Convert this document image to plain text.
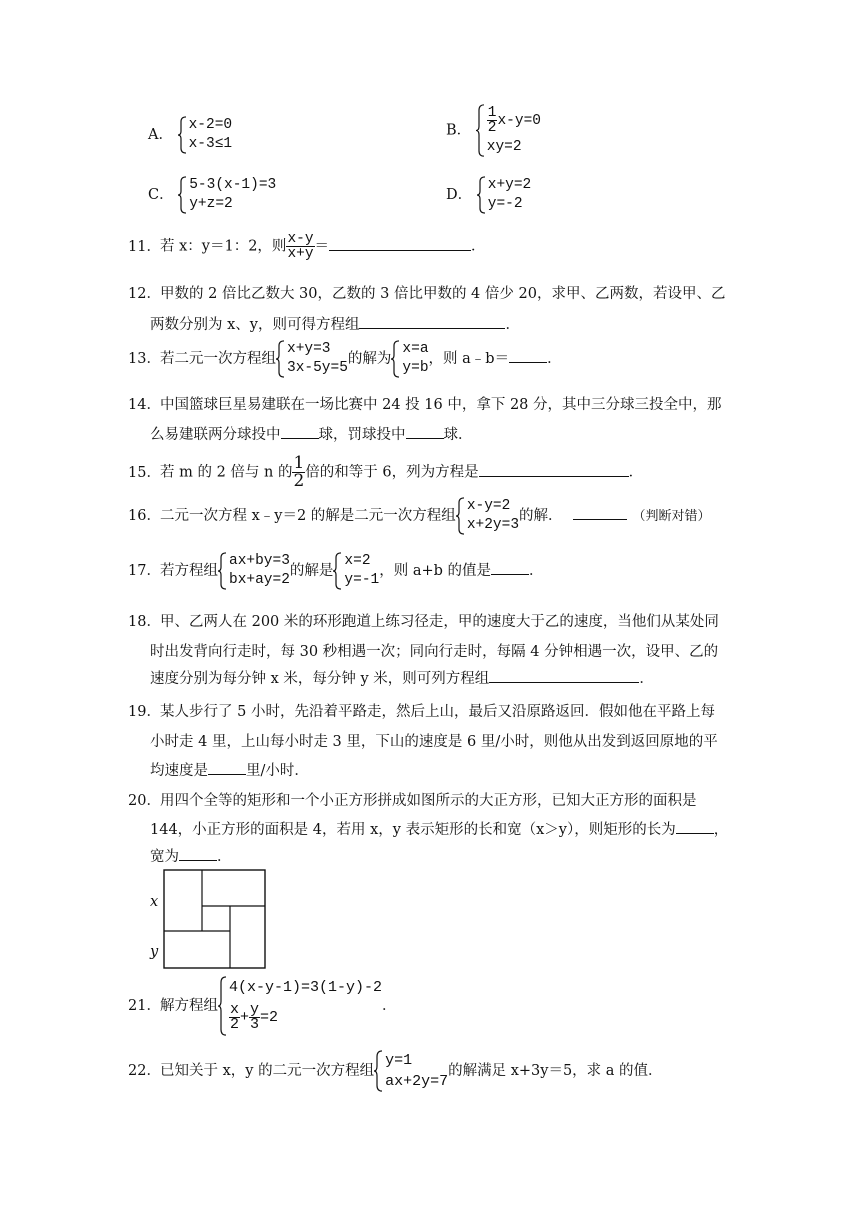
A．
x-2=0
x-3≤1
B． $\frac{1}{2} x-y=0$
xy=2
C．
5-3(x-1)=3
y+z=2
D．
x+y=2
y=-2
11．若 x：y＝1：2，则 $\frac{x-y}{x+y}$ ＝	．
12．甲数的 2 倍比乙数大 30，乙数的 3 倍比甲数的 4 倍少 20，求甲、乙两数，若设甲、乙
两数分别为 x、y，则可得方程组	．
13．若二元一次方程组
x+y=3
3x-5y=5
的解为
x=a
y=b
，则 a﹣b＝	．
14．中国篮球巨星易建联在一场比赛中 24 投 16 中，拿下 28 分，其中三分球三投全中，那
么易建联两分球投中	球，罚球投中	球．
15．若 m 的 2 倍与 n 的 $\frac{1}{2}$ 倍的和等于 6，列为方程是	．
16．二元一次方程 x﹣y＝2 的解是二元一次方程组
x-y=2
x+2y=3
的解．	（判断对错）
17．若方程组
ax+by=3
bx+ay=2
的解是
x=2
y=-1
，则 a+b 的值是	．
18．甲、乙两人在 200 米的环形跑道上练习径走，甲的速度大于乙的速度，当他们从某处同
时出发背向行走时，每 30 秒相遇一次；同向行走时，每隔 4 分钟相遇一次，设甲、乙的
速度分别为每分钟 x 米，每分钟 y 米，则可列方程组	．
19．某人步行了 5 小时，先沿着平路走，然后上山，最后又沿原路返回．假如他在平路上每
小时走 4 里，上山每小时走 3 里，下山的速度是 6 里/小时，则他从出发到返回原地的平
均速度是	里/小时．
20．用四个全等的矩形和一个小正方形拼成如图所示的大正方形，已知大正方形的面积是
144，小正方形的面积是 4，若用 x，y 表示矩形的长和宽（x＞y），则矩形的长为	，
宽为	．
x
y
21．解方程组
4(x-y-1)=3(1-y)-2
$\frac{x}{2} + \frac{y}{3} =2$
．
22．已知关于 x，y 的二元一次方程组
y=1
ax+2y=7
的解满足 x+3y＝5，求 a 的值．
